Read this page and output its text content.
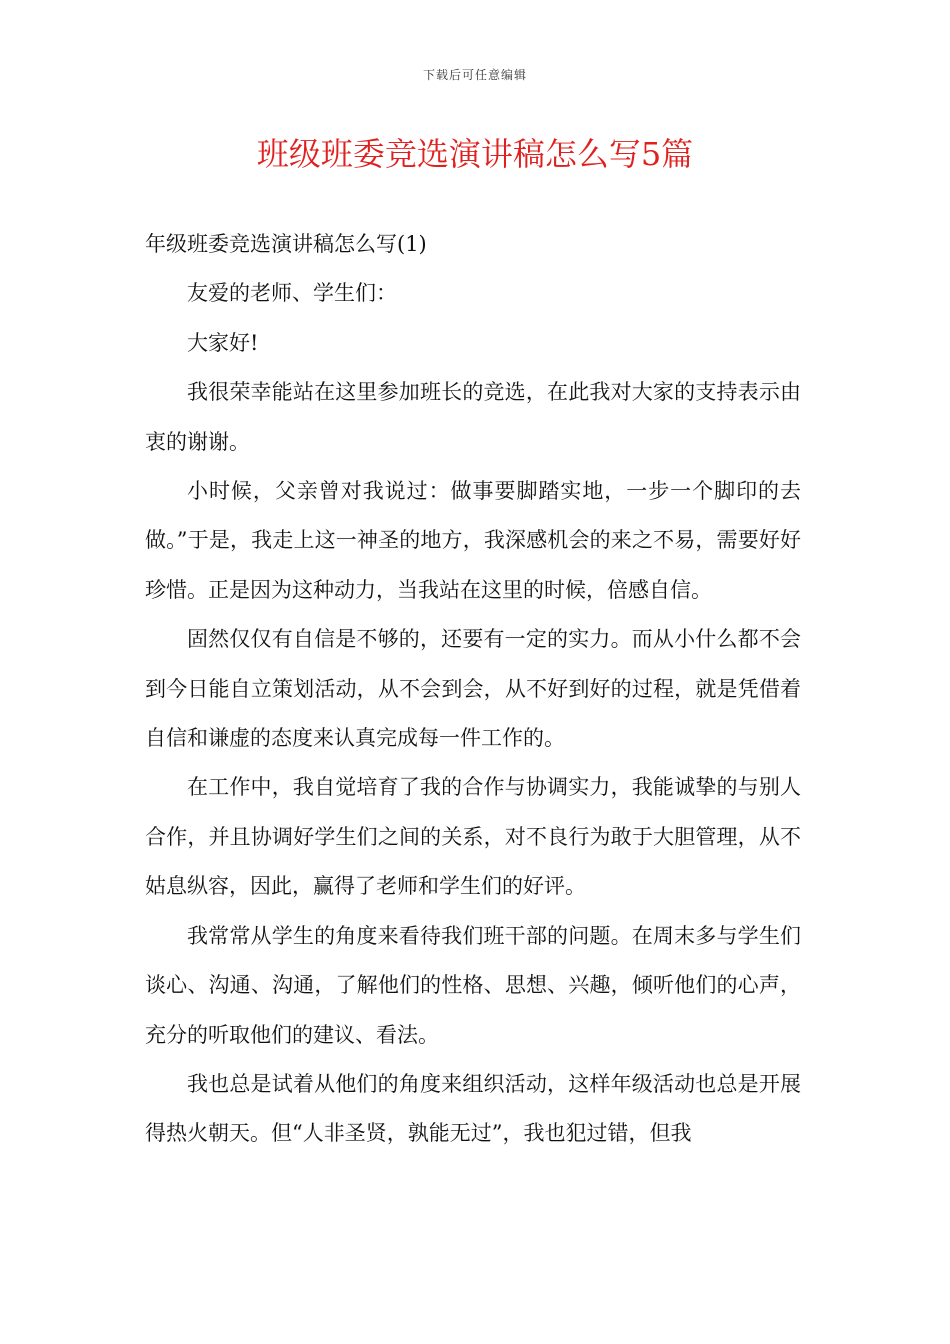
下载后可任意编辑
班级班委竞选演讲稿怎么写5篇

年级班委竞选演讲稿怎么写(1)

友爱的老师、学生们：

大家好!

我很荣幸能站在这里参加班长的竞选，在此我对大家的支持表示由衷的谢谢。

小时候，父亲曾对我说过：做事要脚踏实地，一步一个脚印的去做。”于是，我走上这一神圣的地方，我深感机会的来之不易，需要好好珍惜。正是因为这种动力，当我站在这里的时候，倍感自信。

固然仅仅有自信是不够的，还要有一定的实力。而从小什么都不会到今日能自立策划活动，从不会到会，从不好到好的过程，就是凭借着自信和谦虚的态度来认真完成每一件工作的。

在工作中，我自觉培育了我的合作与协调实力，我能诚挚的与别人合作，并且协调好学生们之间的关系，对不良行为敢于大胆管理，从不姑息纵容，因此，赢得了老师和学生们的好评。

我常常从学生的角度来看待我们班干部的问题。在周末多与学生们谈心、沟通、沟通，了解他们的性格、思想、兴趣，倾听他们的心声，充分的听取他们的建议、看法。

我也总是试着从他们的角度来组织活动，这样年级活动也总是开展得热火朝天。但“人非圣贤，孰能无过”，我也犯过错，但我
